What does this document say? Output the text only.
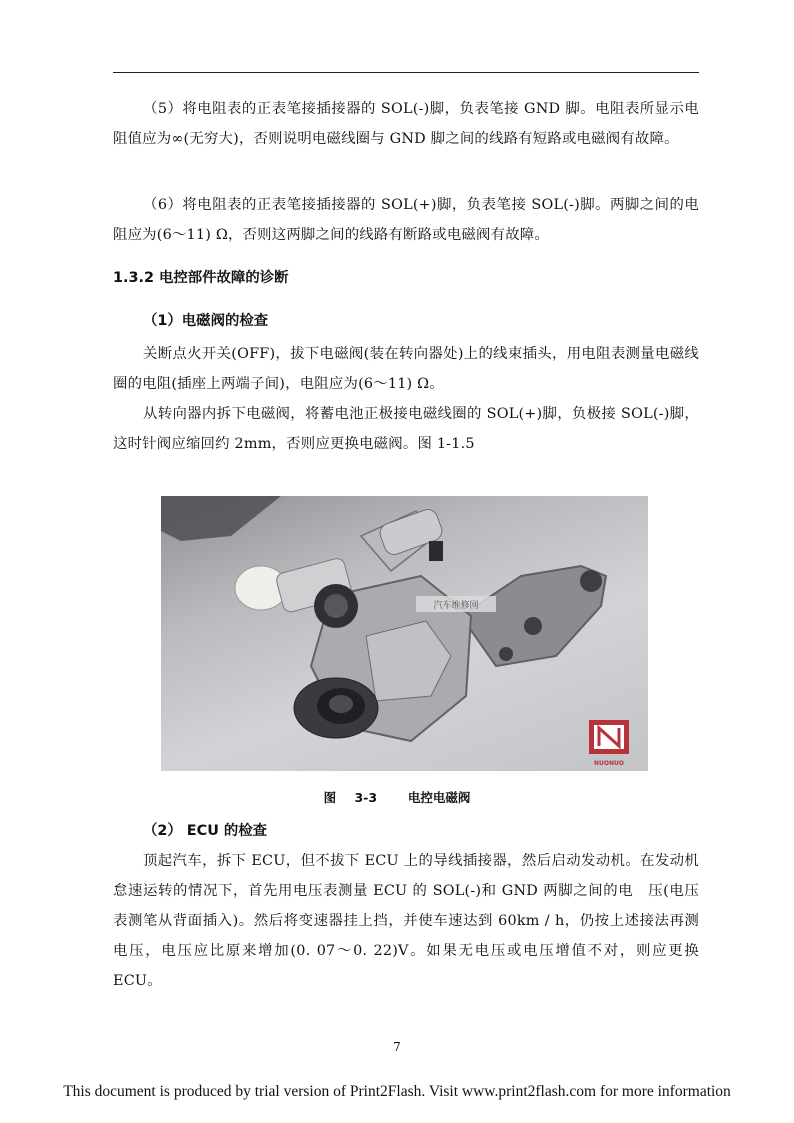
（5）将电阻表的正表笔接插接器的 SOL(-)脚，负表笔接 GND 脚。电阻表所显示电阻值应为∞(无穷大)，否则说明电磁线圈与 GND 脚之间的线路有短路或电磁阀有故障。

（6）将电阻表的正表笔接插接器的 SOL(+)脚，负表笔接 SOL(-)脚。两脚之间的电阻应为(6～11) Ω，否则这两脚之间的线路有断路或电磁阀有故障。

1.3.2 电控部件故障的诊断

（1）电磁阀的检查

关断点火开关(OFF)，拔下电磁阀(装在转向器处)上的线束插头，用电阻表测量电磁线圈的电阻(插座上两端子间)，电阻应为(6～11) Ω。

从转向器内拆下电磁阀，将蓄电池正极接电磁线圈的 SOL(+)脚，负极接 SOL(-)脚，这时针阀应缩回约 2mm，否则应更换电磁阀。图 1-1.5

汽车维修网
NUONUO
图 3-3　 电控电磁阀

（2） ECU 的检查

顶起汽车，拆下 ECU，但不拔下 ECU 上的导线插接器，然后启动发动机。在发动机怠速运转的情况下，首先用电压表测量 ECU 的 SOL(-)和 GND 两脚之间的电　压(电压表测笔从背面插入)。然后将变速器挂上挡，并使车速达到 60km / h，仍按上述接法再测电压，电压应比原来增加(0. 07～0. 22)V。如果无电压或电压增值不对，则应更换 ECU。

7
This document is produced by trial version of Print2Flash. Visit www.print2flash.com for more information
